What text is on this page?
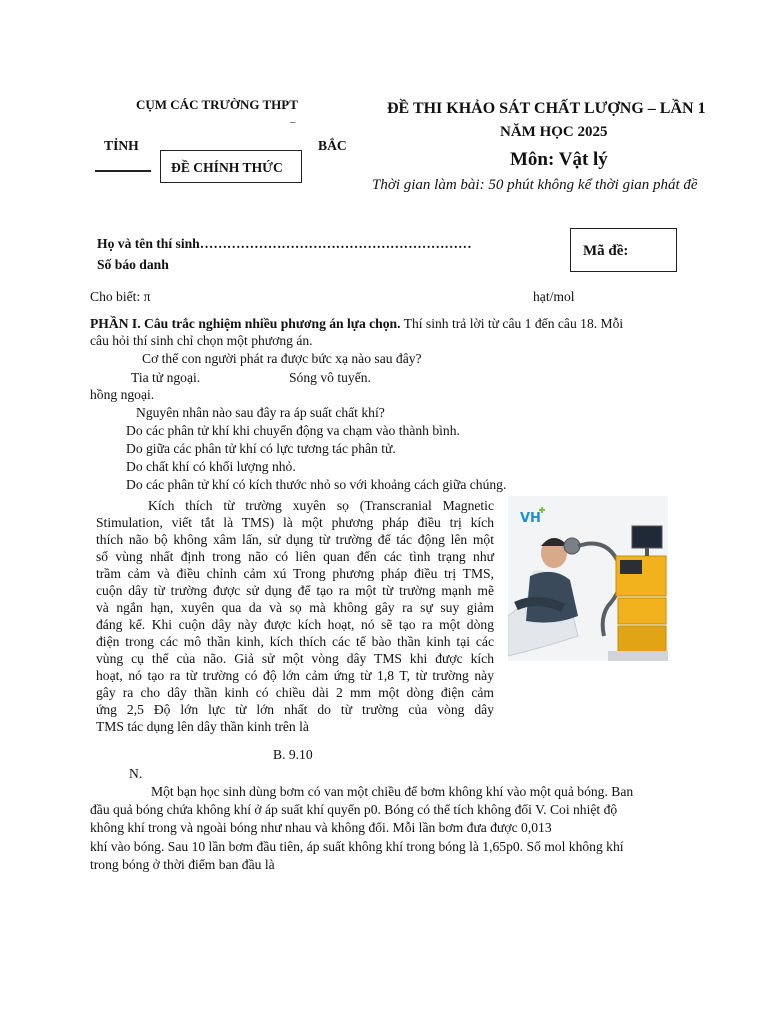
CỤM CÁC TRƯỜNG THPT
–
TỈNH	BẮC
ĐỀ CHÍNH THỨC
ĐỀ THI KHẢO SÁT CHẤT LƯỢNG – LẦN 1
NĂM HỌC 2025
Môn: Vật lý
Thời gian làm bài: 50 phút không kể thời gian phát đề
Họ và tên thí sinh……………………………………………………
Số báo danh
Mã đề:
Cho biết: π	hạt/mol
PHẦN I. Câu trắc nghiệm nhiều phương án lựa chọn. Thí sinh trả lời từ câu 1 đến câu 18. Mỗi
câu hỏi thí sinh chỉ chọn một phương án.
Cơ thể con người phát ra được bức xạ nào sau đây?
Tia tử ngoại.	Sóng vô tuyến.
hồng ngoại.
Nguyên nhân nào sau đây ra áp suất chất khí?
Do các phân tử khí khi chuyển động va chạm vào thành bình.
Do giữa các phân tử khí có lực tương tác phân tử.
Do chất khí có khối lượng nhỏ.
Do các phân tử khí có kích thước nhỏ so với khoảng cách giữa chúng.
Kích thích từ trường xuyên sọ (Transcranial Magnetic
Stimulation, viết tắt là TMS) là một phương pháp điều trị kích
thích não bộ không xâm lấn, sử dụng từ trường để tác động lên một
số vùng nhất định trong não có liên quan đến các tình trạng như
trầm cảm và điều chỉnh cảm xú Trong phương pháp điều trị TMS,
cuộn dây từ trường được sử dụng để tạo ra một từ trường mạnh mẽ
và ngắn hạn, xuyên qua da và sọ mà không gây ra sự suy giảm
đáng kể. Khi cuộn dây này được kích hoạt, nó sẽ tạo ra một dòng
điện trong các mô thần kinh, kích thích các tế bào thần kinh tại các
vùng cụ thể của não. Giả sử một vòng dây TMS khi được kích
hoạt, nó tạo ra từ trường có độ lớn cảm ứng từ 1,8 T, từ trường này
gây ra cho dây thần kinh có chiều dài 2 mm một dòng điện cảm
ứng 2,5 Độ lớn lực từ lớn nhất do từ trường của vòng dây
TMS tác dụng lên dây thần kinh trên là
B. 9.10
N.
VH
Một bạn học sinh dùng bơm có van một chiều để bơm không khí vào một quả bóng. Ban
đầu quả bóng chứa không khí ở áp suất khí quyển p0. Bóng có thể tích không đổi V. Coi nhiệt độ
không khí trong và ngoài bóng như nhau và không đổi. Mỗi lần bơm đưa được 0,013
khí vào bóng. Sau 10 lần bơm đầu tiên, áp suất không khí trong bóng là 1,65p0. Số mol không khí
trong bóng ở thời điểm ban đầu là
